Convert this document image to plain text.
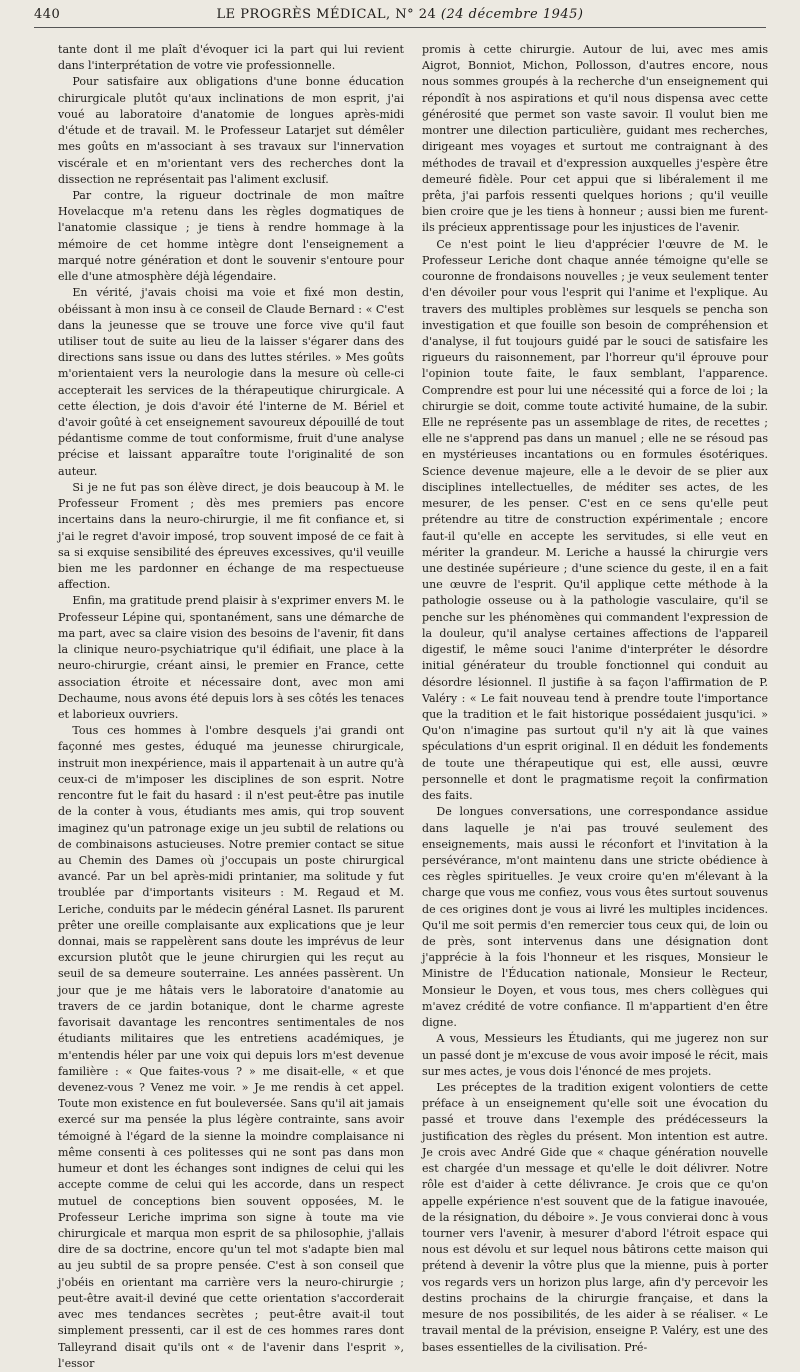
440	LE PROGRÈS MÉDICAL, N° 24 (24 décembre 1945)

tante dont il me plaît d'évoquer ici la part qui lui revient dans l'interprétation de votre vie professionnelle.

Pour satisfaire aux obligations d'une bonne éducation chirurgicale plutôt qu'aux inclinations de mon esprit, j'ai voué au laboratoire d'anatomie de longues après-midi d'étude et de travail. M. le Professeur Latarjet sut démêler mes goûts en m'associant à ses travaux sur l'innervation viscérale et en m'orientant vers des recherches dont la dissection ne représentait pas l'aliment exclusif.

Par contre, la rigueur doctrinale de mon maître Hovelacque m'a retenu dans les règles dogmatiques de l'anatomie classique ; je tiens à rendre hommage à la mémoire de cet homme intègre dont l'enseignement a marqué notre génération et dont le souvenir s'entoure pour elle d'une atmosphère déjà légendaire.

En vérité, j'avais choisi ma voie et fixé mon destin, obéissant à mon insu à ce conseil de Claude Bernard : « C'est dans la jeunesse que se trouve une force vive qu'il faut utiliser tout de suite au lieu de la laisser s'égarer dans des directions sans issue ou dans des luttes stériles. » Mes goûts m'orientaient vers la neurologie dans la mesure où celle-ci accepterait les services de la thérapeutique chirurgicale. A cette élection, je dois d'avoir été l'interne de M. Bériel et d'avoir goûté à cet enseignement savoureux dépouillé de tout pédantisme comme de tout conformisme, fruit d'une analyse précise et laissant apparaître toute l'originalité de son auteur.

Si je ne fut pas son élève direct, je dois beaucoup à M. le Professeur Froment ; dès mes premiers pas encore incertains dans la neuro-chirurgie, il me fit confiance et, si j'ai le regret d'avoir imposé, trop souvent imposé de ce fait à sa si exquise sensibilité des épreuves excessives, qu'il veuille bien me les pardonner en échange de ma respectueuse affection.

Enfin, ma gratitude prend plaisir à s'exprimer envers M. le Professeur Lépine qui, spontanément, sans une démarche de ma part, avec sa claire vision des besoins de l'avenir, fit dans la clinique neuro-psychiatrique qu'il édifiait, une place à la neuro-chirurgie, créant ainsi, le premier en France, cette association étroite et nécessaire dont, avec mon ami Dechaume, nous avons été depuis lors à ses côtés les tenaces et laborieux ouvriers.

Tous ces hommes à l'ombre desquels j'ai grandi ont façonné mes gestes, éduqué ma jeunesse chirurgicale, instruit mon inexpérience, mais il appartenait à un autre qu'à ceux-ci de m'imposer les disciplines de son esprit. Notre rencontre fut le fait du hasard : il n'est peut-être pas inutile de la conter à vous, étudiants mes amis, qui trop souvent imaginez qu'un patronage exige un jeu subtil de relations ou de combinaisons astucieuses. Notre premier contact se situe au Chemin des Dames où j'occupais un poste chirurgical avancé. Par un bel après-midi printanier, ma solitude y fut troublée par d'importants visiteurs : M. Regaud et M. Leriche, conduits par le médecin général Lasnet. Ils parurent prêter une oreille complaisante aux explications que je leur donnai, mais se rappelèrent sans doute les imprévus de leur excursion plutôt que le jeune chirurgien qui les reçut au seuil de sa demeure souterraine. Les années passèrent. Un jour que je me hâtais vers le laboratoire d'anatomie au travers de ce jardin botanique, dont le charme agreste favorisait davantage les rencontres sentimentales de nos étudiants militaires que les entretiens académiques, je m'entendis héler par une voix qui depuis lors m'est devenue familière : « Que faites-vous ? » me disait-elle, « et que devenez-vous ? Venez me voir. » Je me rendis à cet appel. Toute mon existence en fut bouleversée. Sans qu'il ait jamais exercé sur ma pensée la plus légère contrainte, sans avoir témoigné à l'égard de la sienne la moindre complaisance ni même consenti à ces politesses qui ne sont pas dans mon humeur et dont les échanges sont indignes de celui qui les accepte comme de celui qui les accorde, dans un respect mutuel de conceptions bien souvent opposées, M. le Professeur Leriche imprima son signe à toute ma vie chirurgicale et marqua mon esprit de sa philosophie, j'allais dire de sa doctrine, encore qu'un tel mot s'adapte bien mal au jeu subtil de sa propre pensée. C'est à son conseil que j'obéis en orientant ma carrière vers la neuro-chirurgie ; peut-être avait-il deviné que cette orientation s'accorderait avec mes tendances secrètes ; peut-être avait-il tout simplement pressenti, car il est de ces hommes rares dont Talleyrand disait qu'ils ont « de l'avenir dans l'esprit », l'essor

promis à cette chirurgie. Autour de lui, avec mes amis Aigrot, Bonniot, Michon, Pollosson, d'autres encore, nous nous sommes groupés à la recherche d'un enseignement qui répondît à nos aspirations et qu'il nous dispensa avec cette générosité que permet son vaste savoir. Il voulut bien me montrer une dilection particulière, guidant mes recherches, dirigeant mes voyages et surtout me contraignant à des méthodes de travail et d'expression auxquelles j'espère être demeuré fidèle. Pour cet appui que si libéralement il me prêta, j'ai parfois ressenti quelques horions ; qu'il veuille bien croire que je les tiens à honneur ; aussi bien me furent-ils précieux apprentissage pour les injustices de l'avenir.

Ce n'est point le lieu d'apprécier l'œuvre de M. le Professeur Leriche dont chaque année témoigne qu'elle se couronne de frondaisons nouvelles ; je veux seulement tenter d'en dévoiler pour vous l'esprit qui l'anime et l'explique. Au travers des multiples problèmes sur lesquels se pencha son investigation et que fouille son besoin de compréhension et d'analyse, il fut toujours guidé par le souci de satisfaire les rigueurs du raisonnement, par l'horreur qu'il éprouve pour l'opinion toute faite, le faux semblant, l'apparence. Comprendre est pour lui une nécessité qui a force de loi ; la chirurgie se doit, comme toute activité humaine, de la subir. Elle ne représente pas un assemblage de rites, de recettes ; elle ne s'apprend pas dans un manuel ; elle ne se résoud pas en mystérieuses incantations ou en formules ésotériques. Science devenue majeure, elle a le devoir de se plier aux disciplines intellectuelles, de méditer ses actes, de les mesurer, de les penser. C'est en ce sens qu'elle peut prétendre au titre de construction expérimentale ; encore faut-il qu'elle en accepte les servitudes, si elle veut en mériter la grandeur. M. Leriche a haussé la chirurgie vers une destinée supérieure ; d'une science du geste, il en a fait une œuvre de l'esprit. Qu'il applique cette méthode à la pathologie osseuse ou à la pathologie vasculaire, qu'il se penche sur les phénomènes qui commandent l'expression de la douleur, qu'il analyse certaines affections de l'appareil digestif, le même souci l'anime d'interpréter le désordre initial générateur du trouble fonctionnel qui conduit au désordre lésionnel. Il justifie à sa façon l'affirmation de P. Valéry : « Le fait nouveau tend à prendre toute l'importance que la tradition et le fait historique possédaient jusqu'ici. » Qu'on n'imagine pas surtout qu'il n'y ait là que vaines spéculations d'un esprit original. Il en déduit les fondements de toute une thérapeutique qui est, elle aussi, œuvre personnelle et dont le pragmatisme reçoit la confirmation des faits.

De longues conversations, une correspondance assidue dans laquelle je n'ai pas trouvé seulement des enseignements, mais aussi le réconfort et l'invitation à la persévérance, m'ont maintenu dans une stricte obédience à ces règles spirituelles. Je veux croire qu'en m'élevant à la charge que vous me confiez, vous vous êtes surtout souvenus de ces origines dont je vous ai livré les multiples incidences. Qu'il me soit permis d'en remercier tous ceux qui, de loin ou de près, sont intervenus dans une désignation dont j'apprécie à la fois l'honneur et les risques, Monsieur le Ministre de l'Éducation nationale, Monsieur le Recteur, Monsieur le Doyen, et vous tous, mes chers collègues qui m'avez crédité de votre confiance. Il m'appartient d'en être digne.

A vous, Messieurs les Étudiants, qui me jugerez non sur un passé dont je m'excuse de vous avoir imposé le récit, mais sur mes actes, je vous dois l'énoncé de mes projets.

Les préceptes de la tradition exigent volontiers de cette préface à un enseignement qu'elle soit une évocation du passé et trouve dans l'exemple des prédécesseurs la justification des règles du présent. Mon intention est autre. Je crois avec André Gide que « chaque génération nouvelle est chargée d'un message et qu'elle le doit délivrer. Notre rôle est d'aider à cette délivrance. Je crois que ce qu'on appelle expérience n'est souvent que de la fatigue inavouée, de la résignation, du déboire ». Je vous convierai donc à vous tourner vers l'avenir, à mesurer d'abord l'étroit espace qui nous est dévolu et sur lequel nous bâtirons cette maison qui prétend à devenir la vôtre plus que la mienne, puis à porter vos regards vers un horizon plus large, afin d'y percevoir les destins prochains de la chirurgie française, et dans la mesure de nos possibilités, de les aider à se réaliser. « Le travail mental de la prévision, enseigne P. Valéry, est une des bases essentielles de la civilisation. Pré-
